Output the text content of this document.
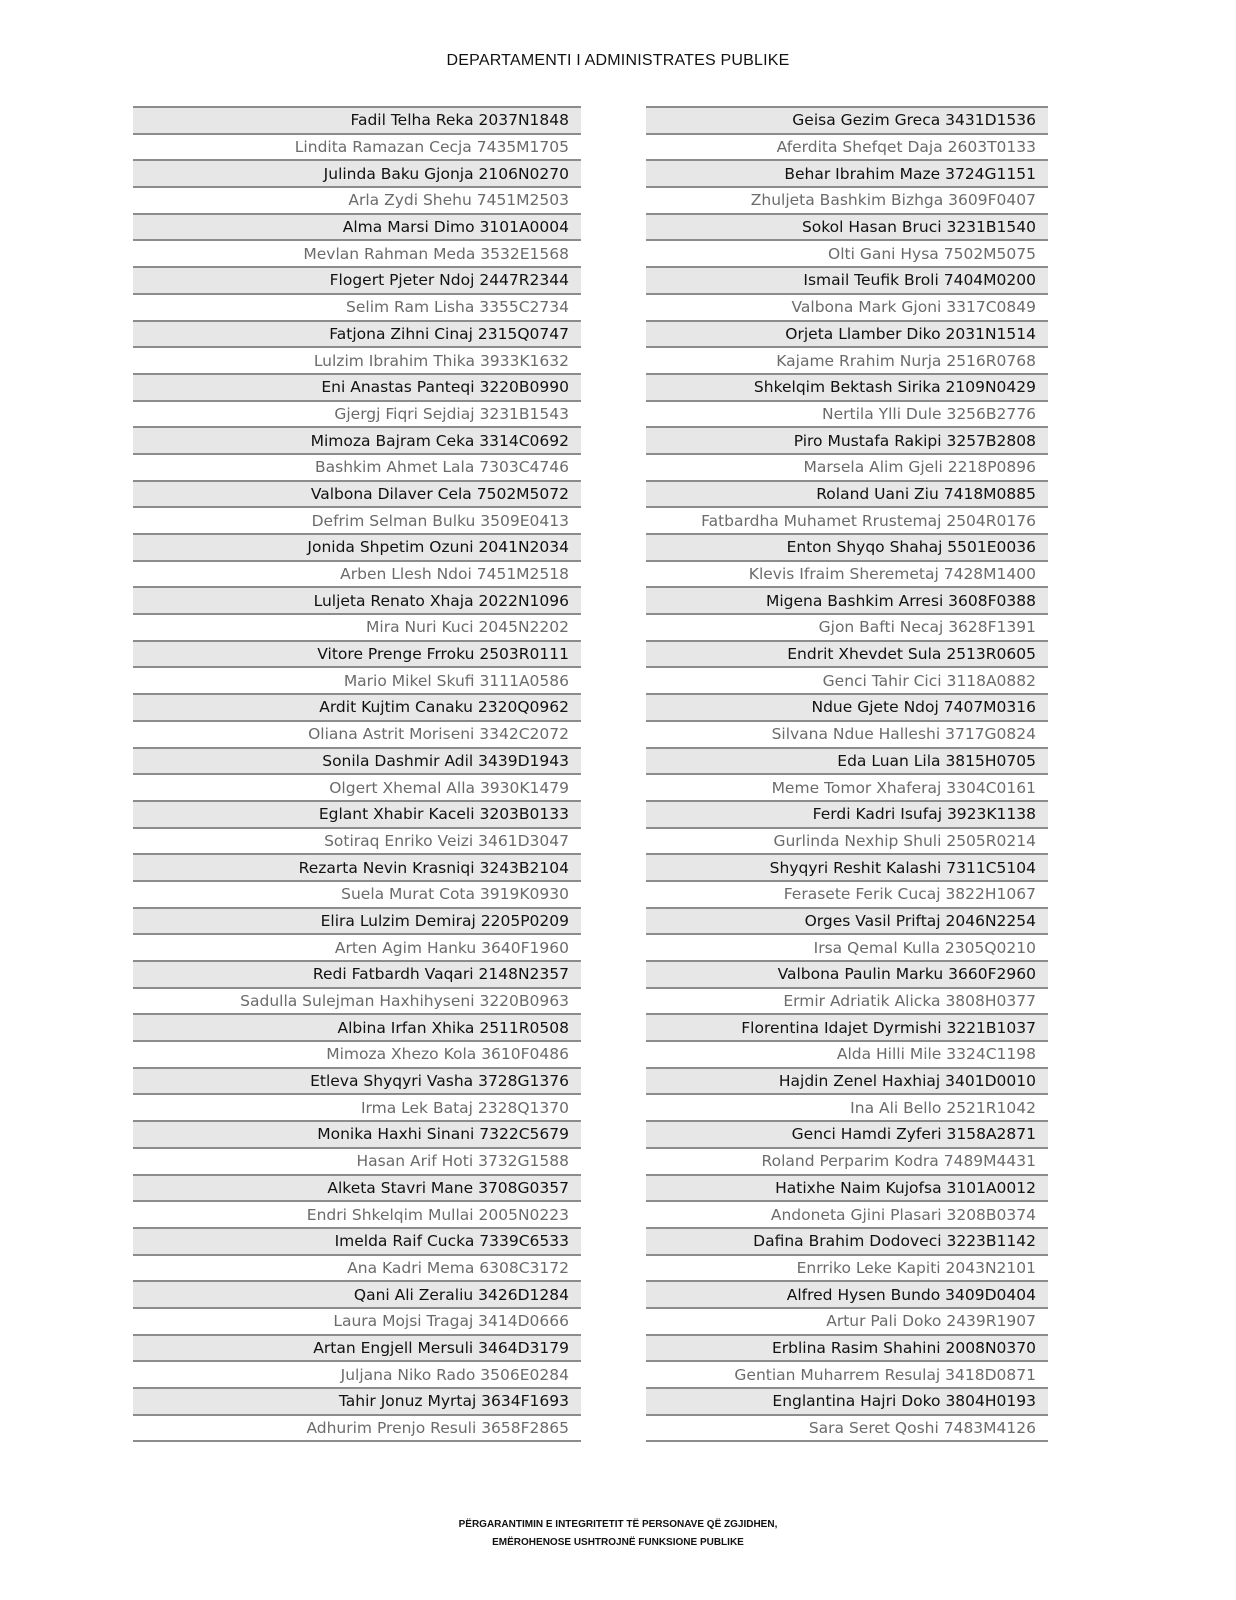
DEPARTAMENTI I ADMINISTRATES PUBLIKE
Fadil Telha Reka 2037N1848
Lindita Ramazan Cecja 7435M1705
Julinda Baku Gjonja 2106N0270
Arla Zydi Shehu 7451M2503
Alma Marsi Dimo 3101A0004
Mevlan Rahman Meda 3532E1568
Flogert Pjeter Ndoj 2447R2344
Selim Ram Lisha 3355C2734
Fatjona Zihni Cinaj 2315Q0747
Lulzim Ibrahim Thika 3933K1632
Eni Anastas Panteqi 3220B0990
Gjergj Fiqri Sejdiaj 3231B1543
Mimoza Bajram Ceka 3314C0692
Bashkim Ahmet Lala 7303C4746
Valbona Dilaver Cela 7502M5072
Defrim Selman Bulku 3509E0413
Jonida Shpetim Ozuni 2041N2034
Arben Llesh Ndoi 7451M2518
Luljeta Renato Xhaja 2022N1096
Mira Nuri Kuci 2045N2202
Vitore Prenge Frroku 2503R0111
Mario Mikel Skufi 3111A0586
Ardit Kujtim Canaku 2320Q0962
Oliana Astrit Moriseni 3342C2072
Sonila Dashmir Adil 3439D1943
Olgert Xhemal Alla 3930K1479
Eglant Xhabir Kaceli 3203B0133
Sotiraq Enriko Veizi 3461D3047
Rezarta Nevin Krasniqi 3243B2104
Suela Murat Cota 3919K0930
Elira Lulzim Demiraj 2205P0209
Arten Agim Hanku 3640F1960
Redi Fatbardh Vaqari 2148N2357
Sadulla Sulejman Haxhihyseni 3220B0963
Albina Irfan Xhika 2511R0508
Mimoza Xhezo Kola 3610F0486
Etleva Shyqyri Vasha 3728G1376
Irma Lek Bataj 2328Q1370
Monika Haxhi Sinani 7322C5679
Hasan Arif Hoti 3732G1588
Alketa Stavri Mane 3708G0357
Endri Shkelqim Mullai 2005N0223
Imelda Raif Cucka 7339C6533
Ana Kadri Mema 6308C3172
Qani Ali Zeraliu 3426D1284
Laura Mojsi Tragaj 3414D0666
Artan Engjell Mersuli 3464D3179
Juljana Niko Rado 3506E0284
Tahir Jonuz Myrtaj 3634F1693
Adhurim Prenjo Resuli 3658F2865
Geisa Gezim Greca 3431D1536
Aferdita Shefqet Daja 2603T0133
Behar Ibrahim Maze 3724G1151
Zhuljeta Bashkim Bizhga 3609F0407
Sokol Hasan Bruci 3231B1540
Olti Gani Hysa 7502M5075
Ismail Teufik Broli 7404M0200
Valbona Mark Gjoni 3317C0849
Orjeta Llamber Diko 2031N1514
Kajame Rrahim Nurja 2516R0768
Shkelqim Bektash Sirika 2109N0429
Nertila Ylli Dule 3256B2776
Piro Mustafa Rakipi 3257B2808
Marsela Alim Gjeli 2218P0896
Roland Uani Ziu 7418M0885
Fatbardha Muhamet Rrustemaj 2504R0176
Enton Shyqo Shahaj 5501E0036
Klevis Ifraim Sheremetaj 7428M1400
Migena Bashkim Arresi 3608F0388
Gjon Bafti Necaj 3628F1391
Endrit Xhevdet Sula 2513R0605
Genci Tahir Cici 3118A0882
Ndue Gjete Ndoj 7407M0316
Silvana Ndue Halleshi 3717G0824
Eda Luan Lila 3815H0705
Meme Tomor Xhaferaj 3304C0161
Ferdi Kadri Isufaj 3923K1138
Gurlinda Nexhip Shuli 2505R0214
Shyqyri Reshit Kalashi 7311C5104
Ferasete Ferik Cucaj 3822H1067
Orges Vasil Priftaj 2046N2254
Irsa Qemal Kulla 2305Q0210
Valbona Paulin Marku 3660F2960
Ermir Adriatik Alicka 3808H0377
Florentina Idajet Dyrmishi 3221B1037
Alda Hilli Mile 3324C1198
Hajdin Zenel Haxhiaj 3401D0010
Ina Ali Bello 2521R1042
Genci Hamdi Zyferi 3158A2871
Roland Perparim Kodra 7489M4431
Hatixhe Naim Kujofsa 3101A0012
Andoneta Gjini Plasari 3208B0374
Dafina Brahim Dodoveci 3223B1142
Enrriko Leke Kapiti 2043N2101
Alfred Hysen Bundo 3409D0404
Artur Pali Doko 2439R1907
Erblina Rasim Shahini 2008N0370
Gentian Muharrem Resulaj 3418D0871
Englantina Hajri Doko 3804H0193
Sara Seret Qoshi 7483M4126
PËRGARANTIMIN E INTEGRITETIT TË PERSONAVE QË ZGJIDHEN,
EMËROHENOSE USHTROJNË FUNKSIONE PUBLIKE
